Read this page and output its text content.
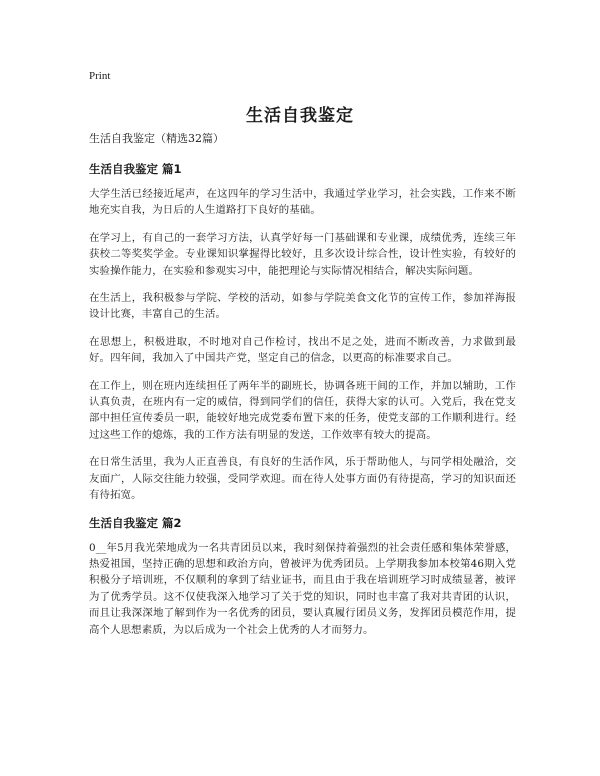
Print
生活自我鉴定

生活自我鉴定（精选32篇）

生活自我鉴定 篇1

大学生活已经接近尾声，在这四年的学习生活中，我通过学业学习，社会实践，工作来不断地充实自我，为日后的人生道路打下良好的基础。

在学习上，有自己的一套学习方法，认真学好每一门基础课和专业课，成绩优秀，连续三年获校二等奖奖学金。专业课知识掌握得比较好，且多次设计综合性，设计性实验，有较好的实验操作能力，在实验和参观实习中，能把理论与实际情况相结合，解决实际问题。

在生活上，我积极参与学院、学校的活动，如参与学院美食文化节的宣传工作，参加祥海报设计比赛，丰富自己的生活。

在思想上，积极进取，不时地对自己作检讨，找出不足之处，进而不断改善，力求做到最好。四年间，我加入了中国共产党，坚定自己的信念，以更高的标准要求自己。

在工作上，则在班内连续担任了两年半的副班长，协调各班干间的工作，并加以辅助，工作认真负责，在班内有一定的威信，得到同学们的信任，获得大家的认可。入党后，我在党支部中担任宣传委员一职，能较好地完成党委布置下来的任务，使党支部的工作顺利进行。经过这些工作的熄炼，我的工作方法有明显的发送，工作效率有较大的提高。

在日常生活里，我为人正直善良，有良好的生活作风，乐于帮助他人，与同学相处融洽，交友面广，人际交往能力较强，受同学欢迎。而在待人处事方面仍有待提高，学习的知识面还有待拓宽。

生活自我鉴定 篇2

0__年5月我光荣地成为一名共青团员以来，我时刻保持着强烈的社会责任感和集体荣誉感，热爱祖国，坚持正确的思想和政治方向，曾被评为优秀团员。上学期我参加本校第46期入党积极分子培训班，不仅顺利的拿到了结业证书，而且由于我在培训班学习时成绩显著，被评为了优秀学员。这不仅使我深入地学习了关于党的知识，同时也丰富了我对共青团的认识，而且让我深深地了解到作为一名优秀的团员，要认真履行团员义务，发挥团员模范作用，提高个人思想素质，为以后成为一个社会上优秀的人才而努力。
